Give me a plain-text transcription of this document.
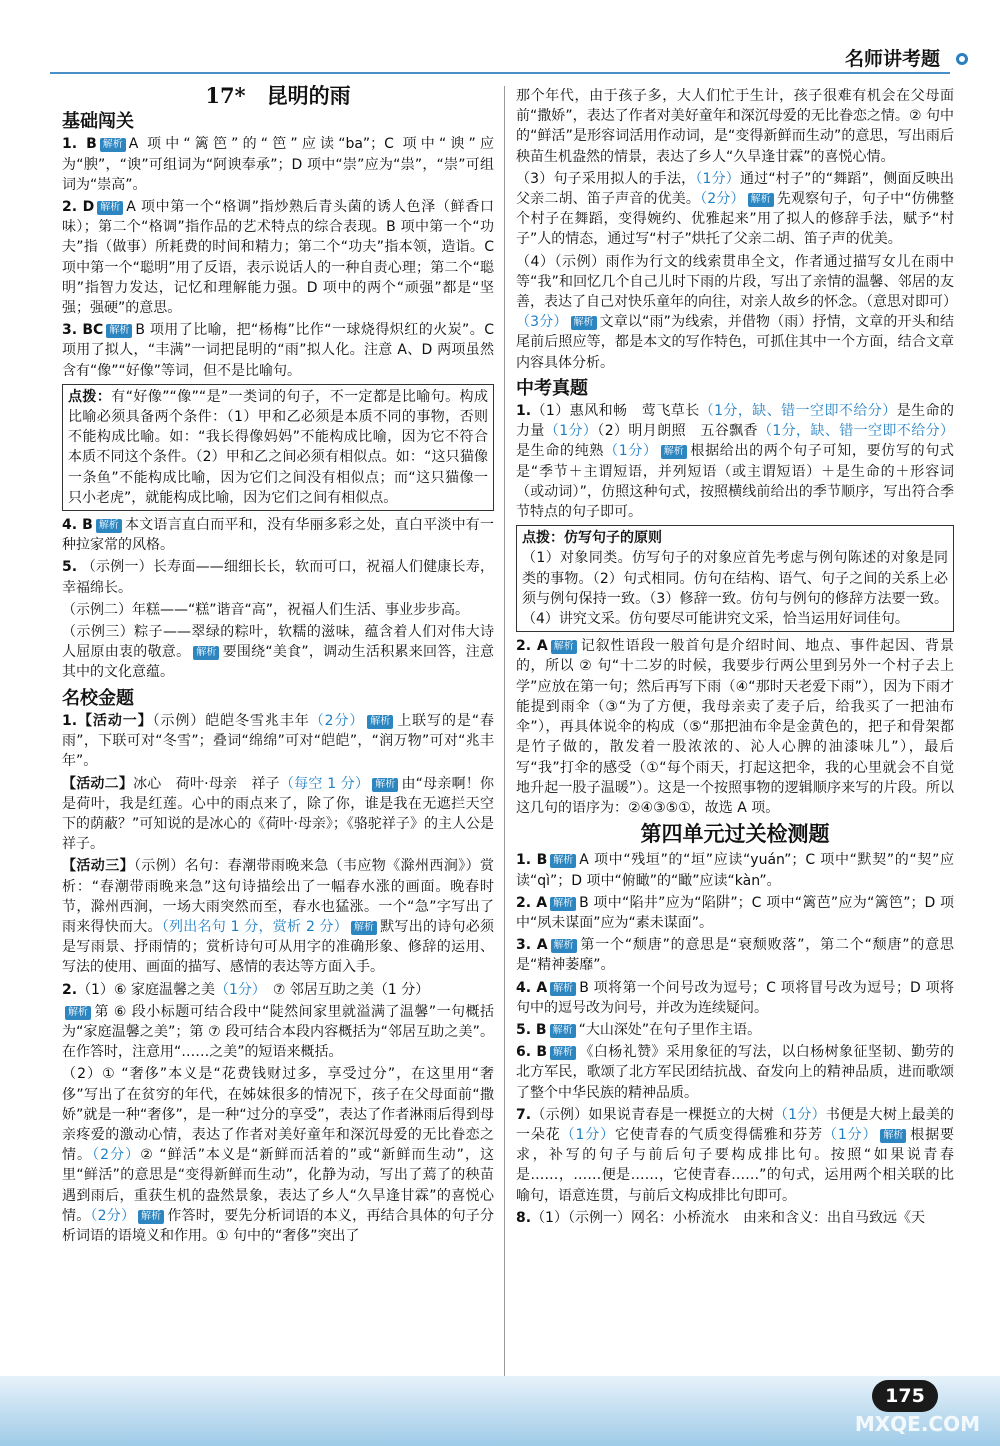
名师讲考题
17*　昆明的雨
基础闯关
1. B 解析 A 项中“篱笆”的“笆”应读“ba”；C 项中“谀”应为“腴”，“谀”可组词为“阿谀奉承”；D 项中“崇”应为“祟”，“崇”可组词为“崇高”。
2. D 解析 A 项中第一个“格调”指炒熟后青头菌的诱人色泽（鲜香口味）；第二个“格调”指作品的艺术特点的综合表现。B 项中第一个“功夫”指（做事）所耗费的时间和精力；第二个“功夫”指本领，造诣。C 项中第一个“聪明”用了反语，表示说话人的一种自责心理；第二个“聪明”指智力发达，记忆和理解能力强。D 项中的两个“顽强”都是“坚强；强硬”的意思。
3. BC 解析 B 项用了比喻，把“杨梅”比作“一球烧得炽红的火炭”。C 项用了拟人，“丰满”一词把昆明的“雨”拟人化。注意 A、D 两项虽然含有“像”“好像”等词，但不是比喻句。
点拨：有“好像”“像”“是”一类词的句子，不一定都是比喻句。构成比喻必须具备两个条件：（1）甲和乙必须是本质不同的事物，否则不能构成比喻。如：“我长得像妈妈”不能构成比喻，因为它不符合本质不同这个条件。（2）甲和乙之间必须有相似点。如：“这只猫像一条鱼”不能构成比喻，因为它们之间没有相似点；而“这只猫像一只小老虎”，就能构成比喻，因为它们之间有相似点。
4. B 解析 本文语言直白而平和，没有华丽多彩之处，直白平淡中有一种拉家常的风格。
5. （示例一）长寿面——细细长长，软而可口，祝福人们健康长寿，幸福绵长。
（示例二）年糕——“糕”谐音“高”，祝福人们生活、事业步步高。
（示例三）粽子——翠绿的粽叶，软糯的滋味，蕴含着人们对伟大诗人屈原由衷的敬意。 解析 要围绕“美食”，调动生活积累来回答，注意其中的文化意蕴。
名校金题
1.【活动一】（示例）皑皑冬雪兆丰年（2分） 解析 上联写的是“春雨”，下联可对“冬雪”；叠词“绵绵”可对“皑皑”，“润万物”可对“兆丰年”。
【活动二】冰心　荷叶·母亲　祥子（每空 1 分） 解析 由“母亲啊！你是荷叶，我是红莲。心中的雨点来了，除了你，谁是我在无遮拦天空下的荫蔽？”可知说的是冰心的《荷叶·母亲》；《骆驼祥子》的主人公是祥子。
【活动三】（示例）名句：春潮带雨晚来急（韦应物《滁州西涧》）赏析：“春潮带雨晚来急”这句诗描绘出了一幅春水涨的画面。晚春时节，滁州西涧，一场大雨突然而至，春水也猛涨。一个“急”字写出了雨来得快而大。（列出名句 1 分，赏析 2 分） 解析 默写出的诗句必须是写雨景、抒雨情的；赏析诗句可从用字的准确形象、修辞的运用、写法的使用、画面的描写、感情的表达等方面入手。
2.（1）⑥ 家庭温馨之美（1分）　 ⑦ 邻居互助之美（1 分）
解析 第 ⑥ 段小标题可结合段中“陡然间家里就溢满了温馨”一句概括为“家庭温馨之美”；第 ⑦ 段可结合本段内容概括为“邻居互助之美”。在作答时，注意用“……之美”的短语来概括。
（2）① “奢侈”本义是“花费钱财过多，享受过分”，在这里用“奢侈”写出了在贫穷的年代，在姊妹很多的情况下，孩子在父母面前“撒娇”就是一种“奢侈”，是一种“过分的享受”，表达了作者淋雨后得到母亲疼爱的激动心情，表达了作者对美好童年和深沉母爱的无比眷恋之情。（2分）② “鲜活”本义是“新鲜而活着的”或“新鲜而生动”，这里“鲜活”的意思是“变得新鲜而生动”，化静为动，写出了蔫了的秧苗遇到雨后，重获生机的盎然景象，表达了乡人“久旱逢甘霖”的喜悦心情。（2分） 解析 作答时，要先分析词语的本义，再结合具体的句子分析词语的语境义和作用。① 句中的“奢侈”突出了
那个年代，由于孩子多，大人们忙于生计，孩子很难有机会在父母面前“撒娇”，表达了作者对美好童年和深沉母爱的无比眷恋之情。② 句中的“鲜活”是形容词活用作动词，是“变得新鲜而生动”的意思，写出雨后秧苗生机盎然的情景，表达了乡人“久旱逢甘霖”的喜悦心情。
（3）句子采用拟人的手法，（1分）通过“村子”的“舞蹈”，侧面反映出父亲二胡、笛子声音的优美。（2分） 解析 先观察句子，句子中“仿佛整个村子在舞蹈，变得婉约、优雅起来”用了拟人的修辞手法，赋予“村子”人的情态，通过写“村子”烘托了父亲二胡、笛子声的优美。
（4）（示例）雨作为行文的线索贯串全文，作者通过描写女儿在雨中等“我”和回忆几个自己儿时下雨的片段，写出了亲情的温馨、邻居的友善，表达了自己对快乐童年的向往，对亲人故乡的怀念。（意思对即可）（3分） 解析 文章以“雨”为线索，并借物（雨）抒情，文章的开头和结尾前后照应等，都是本文的写作特色，可抓住其中一个方面，结合文章内容具体分析。
中考真题
1.（1）惠风和畅　莺飞草长（1分，缺、错一空即不给分）是生命的力量（1分）（2）明月朗照　五谷飘香（1分，缺、错一空即不给分）是生命的纯熟（1分） 解析 根据给出的两个句子可知，要仿写的句式是“季节＋主谓短语，并列短语（或主谓短语）＋是生命的＋形容词（或动词）”，仿照这种句式，按照横线前给出的季节顺序，写出符合季节特点的句子即可。
点拨：仿写句子的原则
（1）对象同类。仿写句子的对象应首先考虑与例句陈述的对象是同类的事物。（2）句式相同。仿句在结构、语气、句子之间的关系上必须与例句保持一致。（3）修辞一致。仿句与例句的修辞方法要一致。（4）讲究文采。仿句要尽可能讲究文采，恰当运用好词佳句。
2. A 解析 记叙性语段一般首句是介绍时间、地点、事件起因、背景的，所以 ② 句“十二岁的时候，我要步行两公里到另外一个村子去上学”应放在第一句；然后再写下雨（④“那时天老爱下雨”），因为下雨才能提到雨伞（③“为了方便，我母亲卖了麦子后，给我买了一把油布伞”），再具体说伞的构成（⑤“那把油布伞是金黄色的，把子和骨架都是竹子做的，散发着一股浓浓的、沁人心脾的油漆味儿”），最后写“我”打伞的感受（①“每个雨天，打起这把伞，我的心里就会不自觉地升起一股子温暖”）。这是一个按照事物的逻辑顺序来写的片段。所以这几句的语序为：②④③⑤①，故选 A 项。
第四单元过关检测题
1. B 解析 A 项中“残垣”的“垣”应读“yuán”；C 项中“默契”的“契”应读“qì”；D 项中“俯瞰”的“瞰”应读“kàn”。
2. A 解析 B 项中“陷井”应为“陷阱”；C 项中“篱芭”应为“篱笆”；D 项中“夙未谋面”应为“素未谋面”。
3. A 解析 第一个“颓唐”的意思是“衰颓败落”，第二个“颓唐”的意思是“精神萎靡”。
4. A 解析 B 项将第一个问号改为逗号；C 项将冒号改为逗号；D 项将句中的逗号改为问号，并改为连续疑问。
5. B 解析 “大山深处”在句子里作主语。
6. B 解析 《白杨礼赞》采用象征的写法，以白杨树象征坚韧、勤劳的北方军民，歌颂了北方军民团结抗战、奋发向上的精神品质，进而歌颂了整个中华民族的精神品质。
7.（示例）如果说青春是一棵挺立的大树（1分）书便是大树上最美的一朵花（1分）它使青春的气质变得儒雅和芬芳（1分） 解析 根据要求，补写的句子与前后句子要构成排比句。按照“如果说青春是……，……便是……，它使青春……”的句式，运用两个相关联的比喻句，语意连贯，与前后文构成排比句即可。
8.（1）（示例一）网名：小桥流水　由来和含义：出自马致远《天
175
MXQE.COM
